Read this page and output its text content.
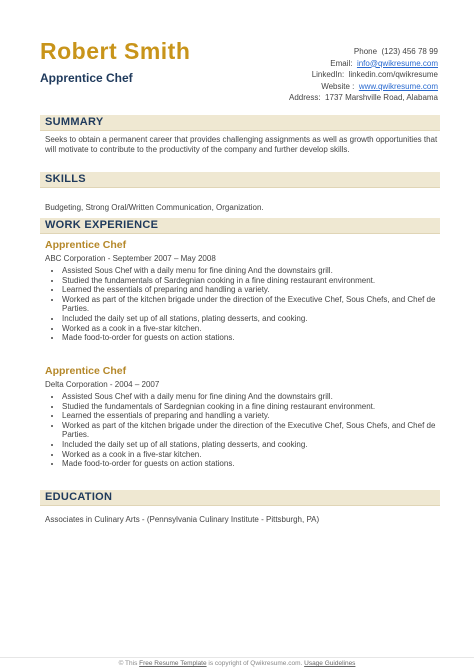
Robert Smith
Apprentice Chef
Phone (123) 456 78 99
Email: info@qwikresume.com
LinkedIn: linkedin.com/qwikresume
Website : www.qwikresume.com
Address: 1737 Marshville Road, Alabama
SUMMARY
Seeks to obtain a permanent career that provides challenging assignments as well as growth opportunities that will motivate to contribute to the productivity of the company and further develop skills.
SKILLS
Budgeting, Strong Oral/Written Communication, Organization.
WORK EXPERIENCE
Apprentice Chef
ABC Corporation - September 2007 – May 2008
• Assisted Sous Chef with a daily menu for fine dining And the downstairs grill.
• Studied the fundamentals of Sardegnian cooking in a fine dining restaurant environment.
• Learned the essentials of preparing and handling a variety.
• Worked as part of the kitchen brigade under the direction of the Executive Chef, Sous Chefs, and Chef de Parties.
• Included the daily set up of all stations, plating desserts, and cooking.
• Worked as a cook in a five-star kitchen.
• Made food-to-order for guests on action stations.
Apprentice Chef
Delta Corporation - 2004 – 2007
• Assisted Sous Chef with a daily menu for fine dining And the downstairs grill.
• Studied the fundamentals of Sardegnian cooking in a fine dining restaurant environment.
• Learned the essentials of preparing and handling a variety.
• Worked as part of the kitchen brigade under the direction of the Executive Chef, Sous Chefs, and Chef de Parties.
• Included the daily set up of all stations, plating desserts, and cooking.
• Worked as a cook in a five-star kitchen.
• Made food-to-order for guests on action stations.
EDUCATION
Associates in Culinary Arts - (Pennsylvania Culinary Institute - Pittsburgh, PA)
© This Free Resume Template is copyright of Qwikresume.com. Usage Guidelines
